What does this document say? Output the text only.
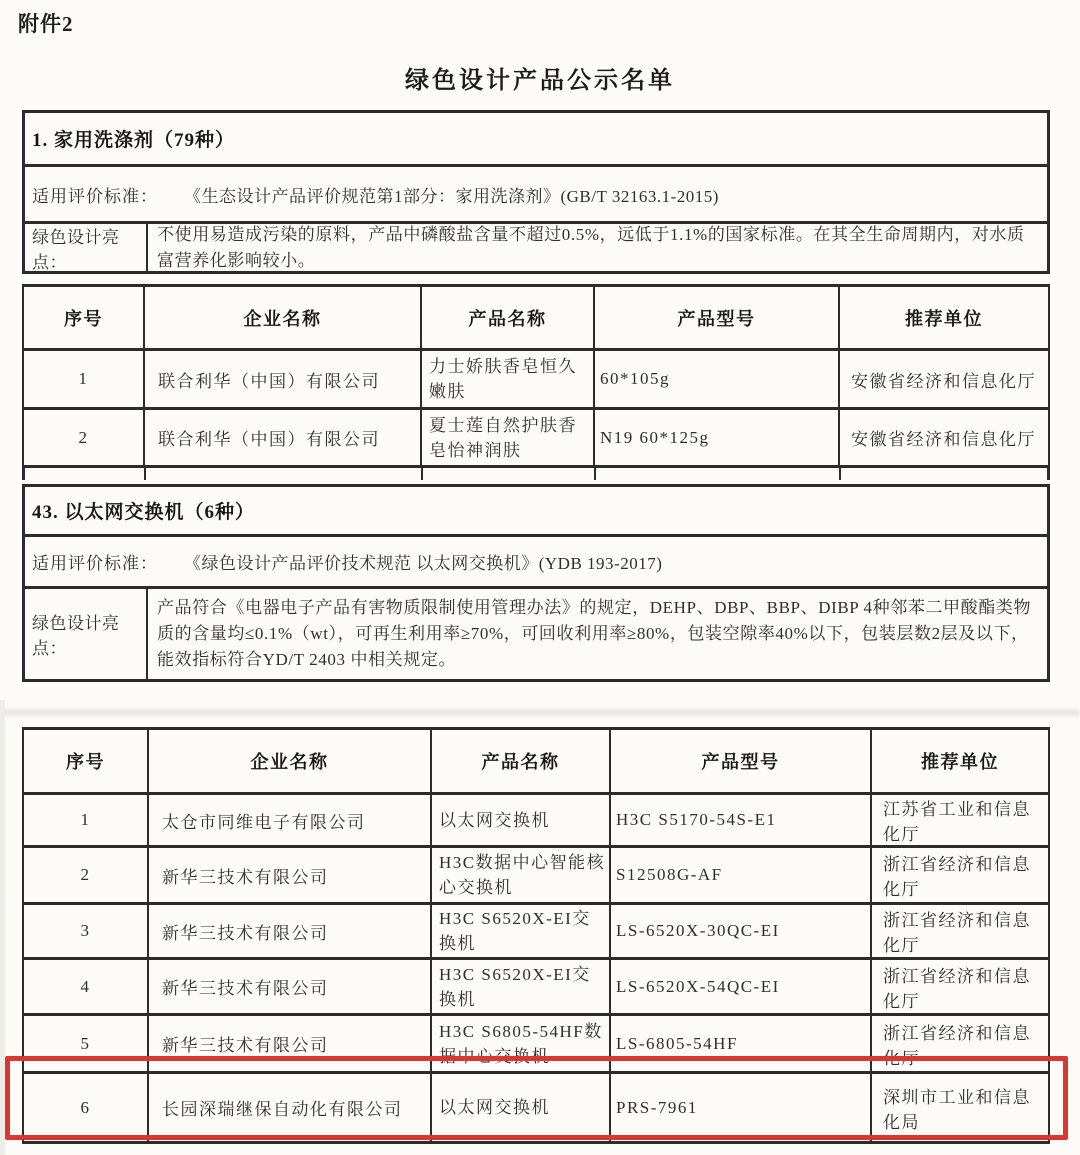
附件2
绿色设计产品公示名单
1. 家用洗涤剂（79种）
适用评价标准： 《生态设计产品评价规范第1部分：家用洗涤剂》(GB/T 32163.1-2015)
绿色设计亮点：
不使用易造成污染的原料，产品中磷酸盐含量不超过0.5%，远低于1.1%的国家标准。在其全生命周期内，对水质富营养化影响较小。
序号	企业名称	产品名称	产品型号	推荐单位
1	联合利华（中国）有限公司	力士娇肤香皂恒久嫩肤	60*105g	安徽省经济和信息化厅
2	联合利华（中国）有限公司	夏士莲自然护肤香皂怡神润肤	N19 60*125g	安徽省经济和信息化厅
43. 以太网交换机（6种）
适用评价标准： 《绿色设计产品评价技术规范 以太网交换机》(YDB 193-2017)
绿色设计亮点：
产品符合《电器电子产品有害物质限制使用管理办法》的规定，DEHP、DBP、BBP、DIBP 4种邻苯二甲酸酯类物质的含量均≤0.1%（wt），可再生利用率≥70%，可回收利用率≥80%，包装空隙率40%以下，包装层数2层及以下，能效指标符合YD/T 2403 中相关规定。
序号	企业名称	产品名称	产品型号	推荐单位
1	太仓市同维电子有限公司	以太网交换机	H3C S5170-54S-E1	江苏省工业和信息化厅
2	新华三技术有限公司	H3C数据中心智能核心交换机	S12508G-AF	浙江省经济和信息化厅
3	新华三技术有限公司	H3C S6520X-EI交换机	LS-6520X-30QC-EI	浙江省经济和信息化厅
4	新华三技术有限公司	H3C S6520X-EI交换机	LS-6520X-54QC-EI	浙江省经济和信息化厅
5	新华三技术有限公司	H3C S6805-54HF数据中心交换机	LS-6805-54HF	浙江省经济和信息化厅
6	长园深瑞继保自动化有限公司	以太网交换机	PRS-7961	深圳市工业和信息化局
